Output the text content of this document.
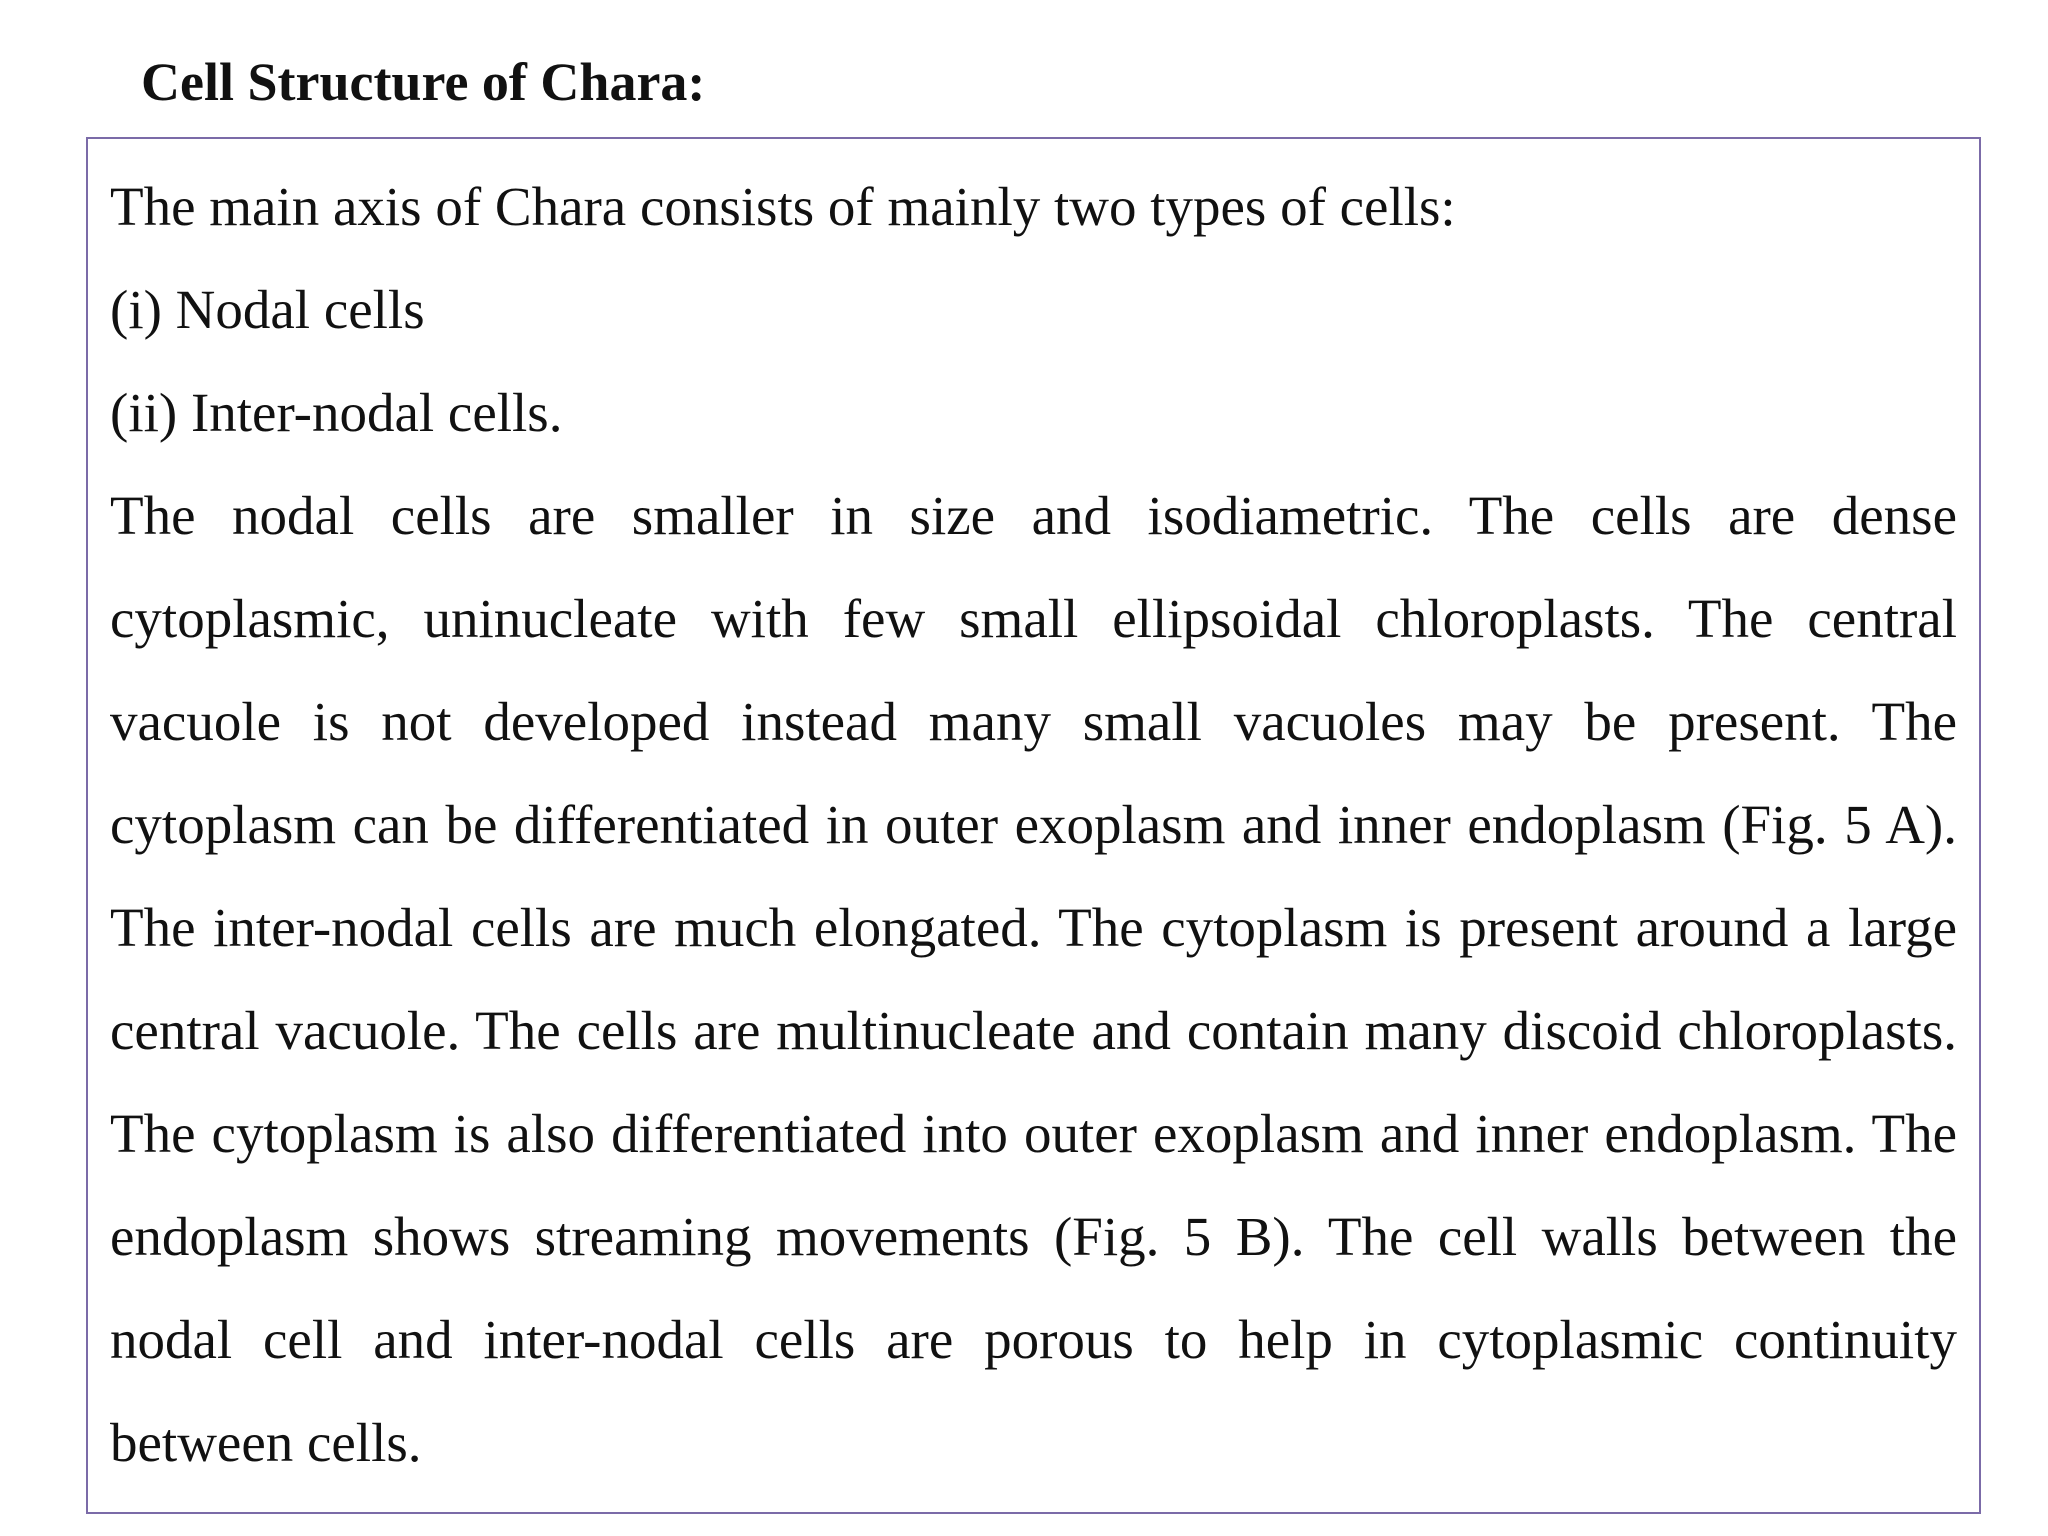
Cell Structure of Chara:

The main axis of Chara consists of mainly two types of cells:

(i) Nodal cells

(ii) Inter-nodal cells.

The nodal cells are smaller in size and isodiametric. The cells are dense cytoplasmic, uninucleate with few small ellipsoidal chloroplasts. The central vacuole is not developed instead many small vacuoles may be present. The cytoplasm can be differentiated in outer exoplasm and inner endoplasm (Fig. 5 A). The inter-nodal cells are much elongated. The cytoplasm is present around a large central vacuole. The cells are multinucleate and contain many discoid chloroplasts. The cytoplasm is also differentiated into outer exoplasm and inner endoplasm. The endoplasm shows streaming movements (Fig. 5 B). The cell walls between the nodal cell and inter-nodal cells are porous to help in cytoplasmic continuity between cells.
